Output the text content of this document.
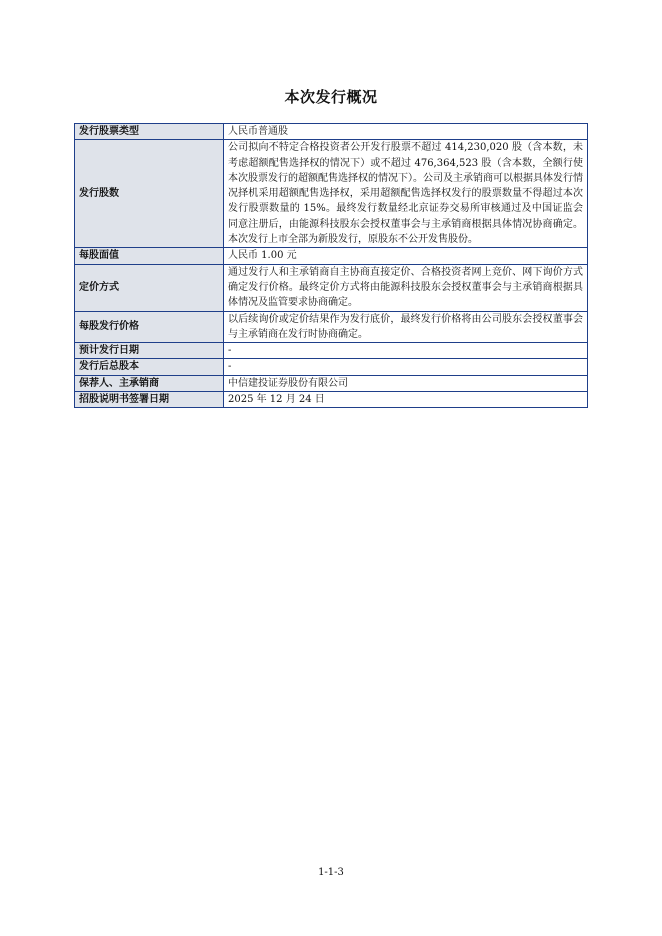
本次发行概况
发行股票类型	人民币普通股
发行股数	公司拟向不特定合格投资者公开发行股票不超过 414,230,020 股（含本数，未考虑超额配售选择权的情况下）或不超过 476,364,523 股（含本数，全额行使本次股票发行的超额配售选择权的情况下）。公司及主承销商可以根据具体发行情况择机采用超额配售选择权，采用超额配售选择权发行的股票数量不得超过本次发行股票数量的 15%。最终发行数量经北京证券交易所审核通过及中国证监会同意注册后，由能源科技股东会授权董事会与主承销商根据具体情况协商确定。本次发行上市全部为新股发行，原股东不公开发售股份。
每股面值	人民币 1.00 元
定价方式	通过发行人和主承销商自主协商直接定价、合格投资者网上竞价、网下询价方式确定发行价格。最终定价方式将由能源科技股东会授权董事会与主承销商根据具体情况及监管要求协商确定。
每股发行价格	以后续询价或定价结果作为发行底价，最终发行价格将由公司股东会授权董事会与主承销商在发行时协商确定。
预计发行日期	-
发行后总股本	-
保荐人、主承销商	中信建投证券股份有限公司
招股说明书签署日期	2025 年 12 月 24 日
1-1-3
